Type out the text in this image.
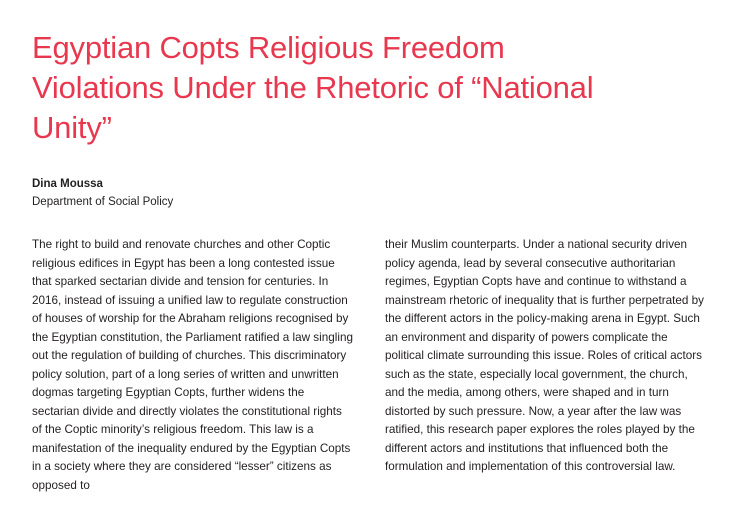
Egyptian Copts Religious Freedom Violations Under the Rhetoric of “National Unity”

Dina Moussa

Department of Social Policy

The right to build and renovate churches and other Coptic religious edifices in Egypt has been a long contested issue that sparked sectarian divide and tension for centuries. In 2016, instead of issuing a unified law to regulate construction of houses of worship for the Abraham religions recognised by the Egyptian constitution, the Parliament ratified a law singling out the regulation of building of churches. This discriminatory policy solution, part of a long series of written and unwritten dogmas targeting Egyptian Copts, further widens the sectarian divide and directly violates the constitutional rights of the Coptic minority’s religious freedom. This law is a manifestation of the inequality endured by the Egyptian Copts in a society where they are considered “lesser” citizens as opposed to

their Muslim counterparts. Under a national security driven policy agenda, lead by several consecutive authoritarian regimes, Egyptian Copts have and continue to withstand a mainstream rhetoric of inequality that is further perpetrated by the different actors in the policy-making arena in Egypt. Such an environment and disparity of powers complicate the political climate surrounding this issue. Roles of critical actors such as the state, especially local government, the church, and the media, among others, were shaped and in turn distorted by such pressure. Now, a year after the law was ratified, this research paper explores the roles played by the different actors and institutions that influenced both the formulation and implementation of this controversial law.
